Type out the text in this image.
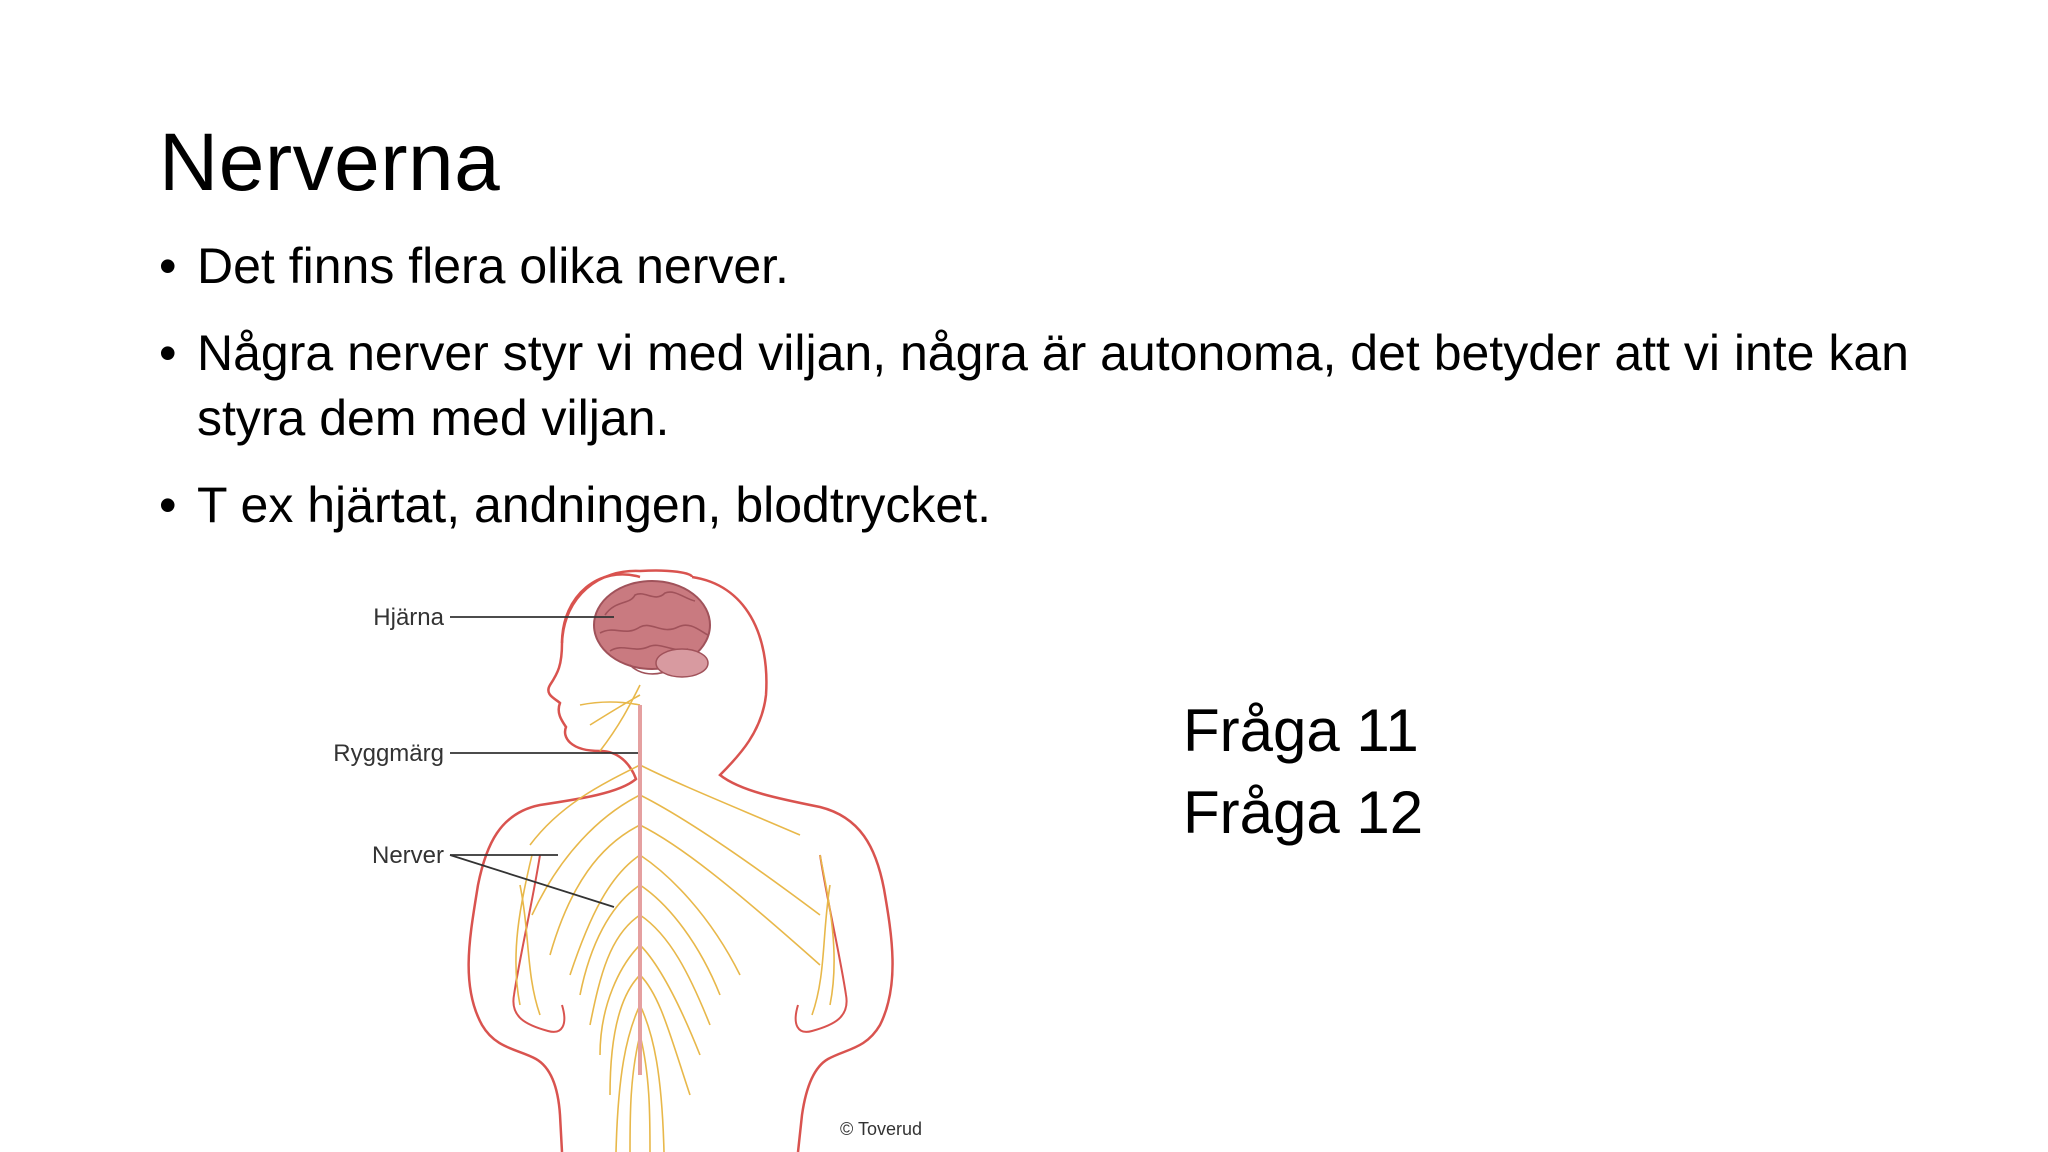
Nerverna
• Det finns flera olika nerver.
• Några nerver styr vi med viljan, några är autonoma, det betyder att vi inte kan styra dem med viljan.
• T ex hjärtat, andningen, blodtrycket.
Hjärna
Ryggmärg
Nerver
© Toverud
Fråga 11
Fråga 12
